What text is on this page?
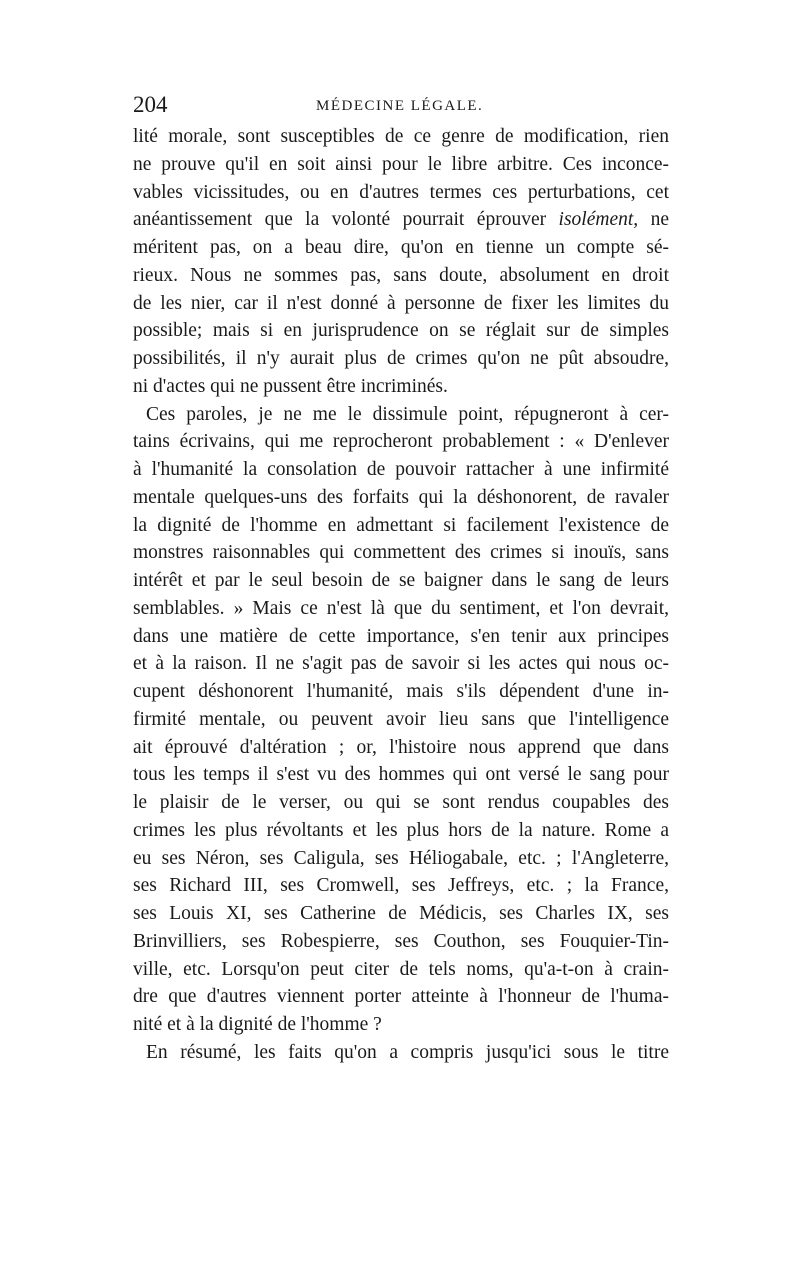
204	MÉDECINE LÉGALE.
lité morale, sont susceptibles de ce genre de modification, rien
ne prouve qu'il en soit ainsi pour le libre arbitre. Ces inconce-
vables vicissitudes, ou en d'autres termes ces perturbations, cet
anéantissement que la volonté pourrait éprouver isolément, ne
méritent pas, on a beau dire, qu'on en tienne un compte sé-
rieux. Nous ne sommes pas, sans doute, absolument en droit
de les nier, car il n'est donné à personne de fixer les limites du
possible; mais si en jurisprudence on se réglait sur de simples
possibilités, il n'y aurait plus de crimes qu'on ne pût absoudre,
ni d'actes qui ne pussent être incriminés.
Ces paroles, je ne me le dissimule point, répugneront à cer-
tains écrivains, qui me reprocheront probablement : « D'enlever
à l'humanité la consolation de pouvoir rattacher à une infirmité
mentale quelques-uns des forfaits qui la déshonorent, de ravaler
la dignité de l'homme en admettant si facilement l'existence de
monstres raisonnables qui commettent des crimes si inouïs, sans
intérêt et par le seul besoin de se baigner dans le sang de leurs
semblables. » Mais ce n'est là que du sentiment, et l'on devrait,
dans une matière de cette importance, s'en tenir aux principes
et à la raison. Il ne s'agit pas de savoir si les actes qui nous oc-
cupent déshonorent l'humanité, mais s'ils dépendent d'une in-
firmité mentale, ou peuvent avoir lieu sans que l'intelligence
ait éprouvé d'altération ; or, l'histoire nous apprend que dans
tous les temps il s'est vu des hommes qui ont versé le sang pour
le plaisir de le verser, ou qui se sont rendus coupables des
crimes les plus révoltants et les plus hors de la nature. Rome a
eu ses Néron, ses Caligula, ses Héliogabale, etc. ; l'Angleterre,
ses Richard III, ses Cromwell, ses Jeffreys, etc. ; la France,
ses Louis XI, ses Catherine de Médicis, ses Charles IX, ses
Brinvilliers, ses Robespierre, ses Couthon, ses Fouquier-Tin-
ville, etc. Lorsqu'on peut citer de tels noms, qu'a-t-on à crain-
dre que d'autres viennent porter atteinte à l'honneur de l'huma-
nité et à la dignité de l'homme ?
En résumé, les faits qu'on a compris jusqu'ici sous le titre
